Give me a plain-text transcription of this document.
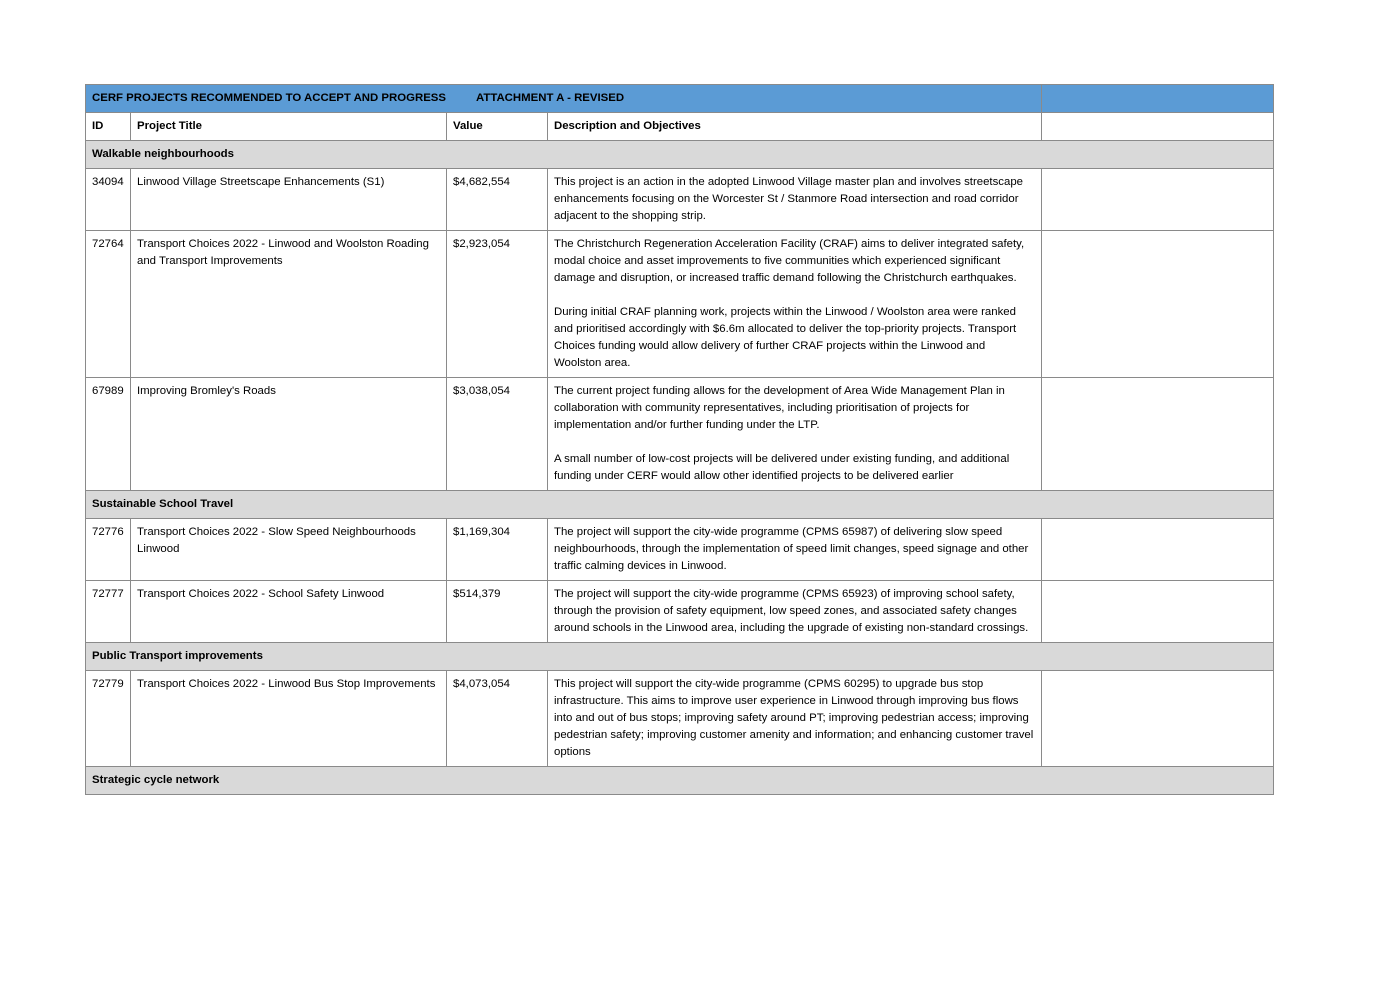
CERF PROJECTS RECOMMENDED TO ACCEPT AND PROGRESS ATTACHMENT A - REVISED				
ID	Project Title	Value	Description and Objectives	
Walkable neighbourhoods				
34094	Linwood Village Streetscape Enhancements (S1)	$4,682,554	This project is an action in the adopted Linwood Village master plan and involves streetscape enhancements focusing on the Worcester St / Stanmore Road intersection and road corridor adjacent to the shopping strip.	

72764	Transport Choices 2022 - Linwood and Woolston Roading and Transport Improvements	$2,923,054	The Christchurch Regeneration Acceleration Facility (CRAF) aims to deliver integrated safety, modal choice and asset improvements to five communities which experienced significant damage and disruption, or increased traffic demand following the Christchurch earthquakes.

During initial CRAF planning work, projects within the Linwood / Woolston area were ranked and prioritised accordingly with $6.6m allocated to deliver the top-priority projects. Transport Choices funding would allow delivery of further CRAF projects within the Linwood and Woolston area.	

67989	Improving Bromley's Roads	$3,038,054	The current project funding allows for the development of Area Wide Management Plan in collaboration with community representatives, including prioritisation of projects for implementation and/or further funding under the LTP.

A small number of low-cost projects will be delivered under existing funding, and additional funding under CERF would allow other identified projects to be delivered earlier	

Sustainable School Travel				
72776	Transport Choices 2022 - Slow Speed Neighbourhoods Linwood	$1,169,304	The project will support the city-wide programme (CPMS 65987) of delivering slow speed neighbourhoods, through the implementation of speed limit changes, speed signage and other traffic calming devices in Linwood.	

72777	Transport Choices 2022 - School Safety Linwood	$514,379	The project will support the city-wide programme (CPMS 65923) of improving school safety, through the provision of safety equipment, low speed zones, and associated safety changes around schools in the Linwood area, including the upgrade of existing non-standard crossings.	

Public Transport improvements				
72779	Transport Choices 2022 - Linwood Bus Stop Improvements	$4,073,054	This project will support the city-wide programme (CPMS 60295) to upgrade bus stop infrastructure. This aims to improve user experience in Linwood through improving bus flows into and out of bus stops; improving safety around PT; improving pedestrian access; improving pedestrian safety; improving customer amenity and information; and enhancing customer travel options	

Strategic cycle network				
